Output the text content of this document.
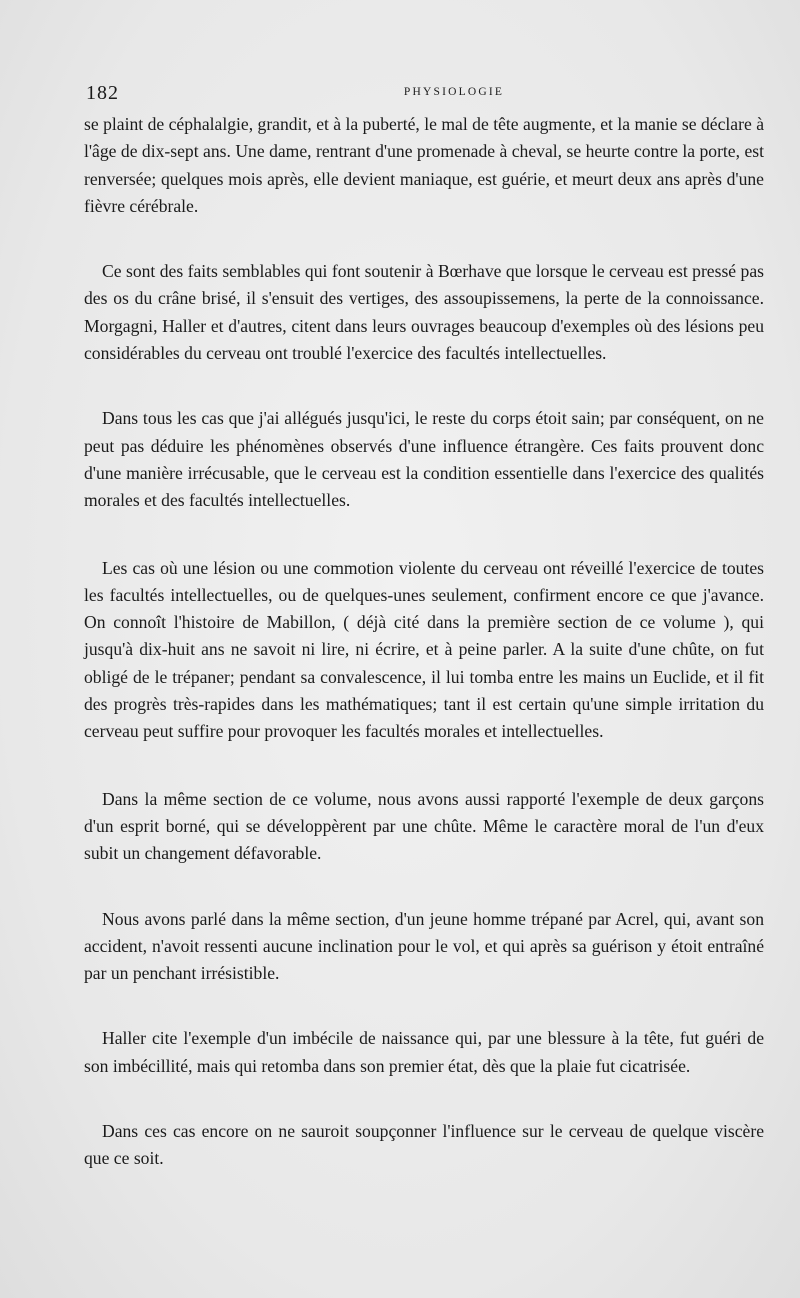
182	PHYSIOLOGIE

se plaint de céphalalgie, grandit, et à la puberté, le mal de tête augmente, et la manie se déclare à l'âge de dix-sept ans. Une dame, rentrant d'une promenade à cheval, se heurte contre la porte, est renversée; quelques mois après, elle devient maniaque, est guérie, et meurt deux ans après d'une fièvre cérébrale.

Ce sont des faits semblables qui font soutenir à Bœrhave que lorsque le cerveau est pressé pas des os du crâne brisé, il s'ensuit des vertiges, des assoupissemens, la perte de la connoissance. Morgagni, Haller et d'autres, citent dans leurs ouvrages beaucoup d'exemples où des lésions peu considérables du cerveau ont troublé l'exercice des facultés intellectuelles.

Dans tous les cas que j'ai allégués jusqu'ici, le reste du corps étoit sain; par conséquent, on ne peut pas déduire les phénomènes observés d'une influence étrangère. Ces faits prouvent donc d'une manière irrécusable, que le cerveau est la condition essentielle dans l'exercice des qualités morales et des facultés intellectuelles.

Les cas où une lésion ou une commotion violente du cerveau ont réveillé l'exercice de toutes les facultés intellectuelles, ou de quelques-unes seulement, confirment encore ce que j'avance. On connoît l'histoire de Mabillon, ( déjà cité dans la première section de ce volume ), qui jusqu'à dix-huit ans ne savoit ni lire, ni écrire, et à peine parler. A la suite d'une chûte, on fut obligé de le trépaner; pendant sa convalescence, il lui tomba entre les mains un Euclide, et il fit des progrès très-rapides dans les mathématiques; tant il est certain qu'une simple irritation du cerveau peut suffire pour provoquer les facultés morales et intellectuelles.

Dans la même section de ce volume, nous avons aussi rapporté l'exemple de deux garçons d'un esprit borné, qui se développèrent par une chûte. Même le caractère moral de l'un d'eux subit un changement défavorable.

Nous avons parlé dans la même section, d'un jeune homme trépané par Acrel, qui, avant son accident, n'avoit ressenti aucune inclination pour le vol, et qui après sa guérison y étoit entraîné par un penchant irrésistible.

Haller cite l'exemple d'un imbécile de naissance qui, par une blessure à la tête, fut guéri de son imbécillité, mais qui retomba dans son premier état, dès que la plaie fut cicatrisée.

Dans ces cas encore on ne sauroit soupçonner l'influence sur le cerveau de quelque viscère que ce soit.
